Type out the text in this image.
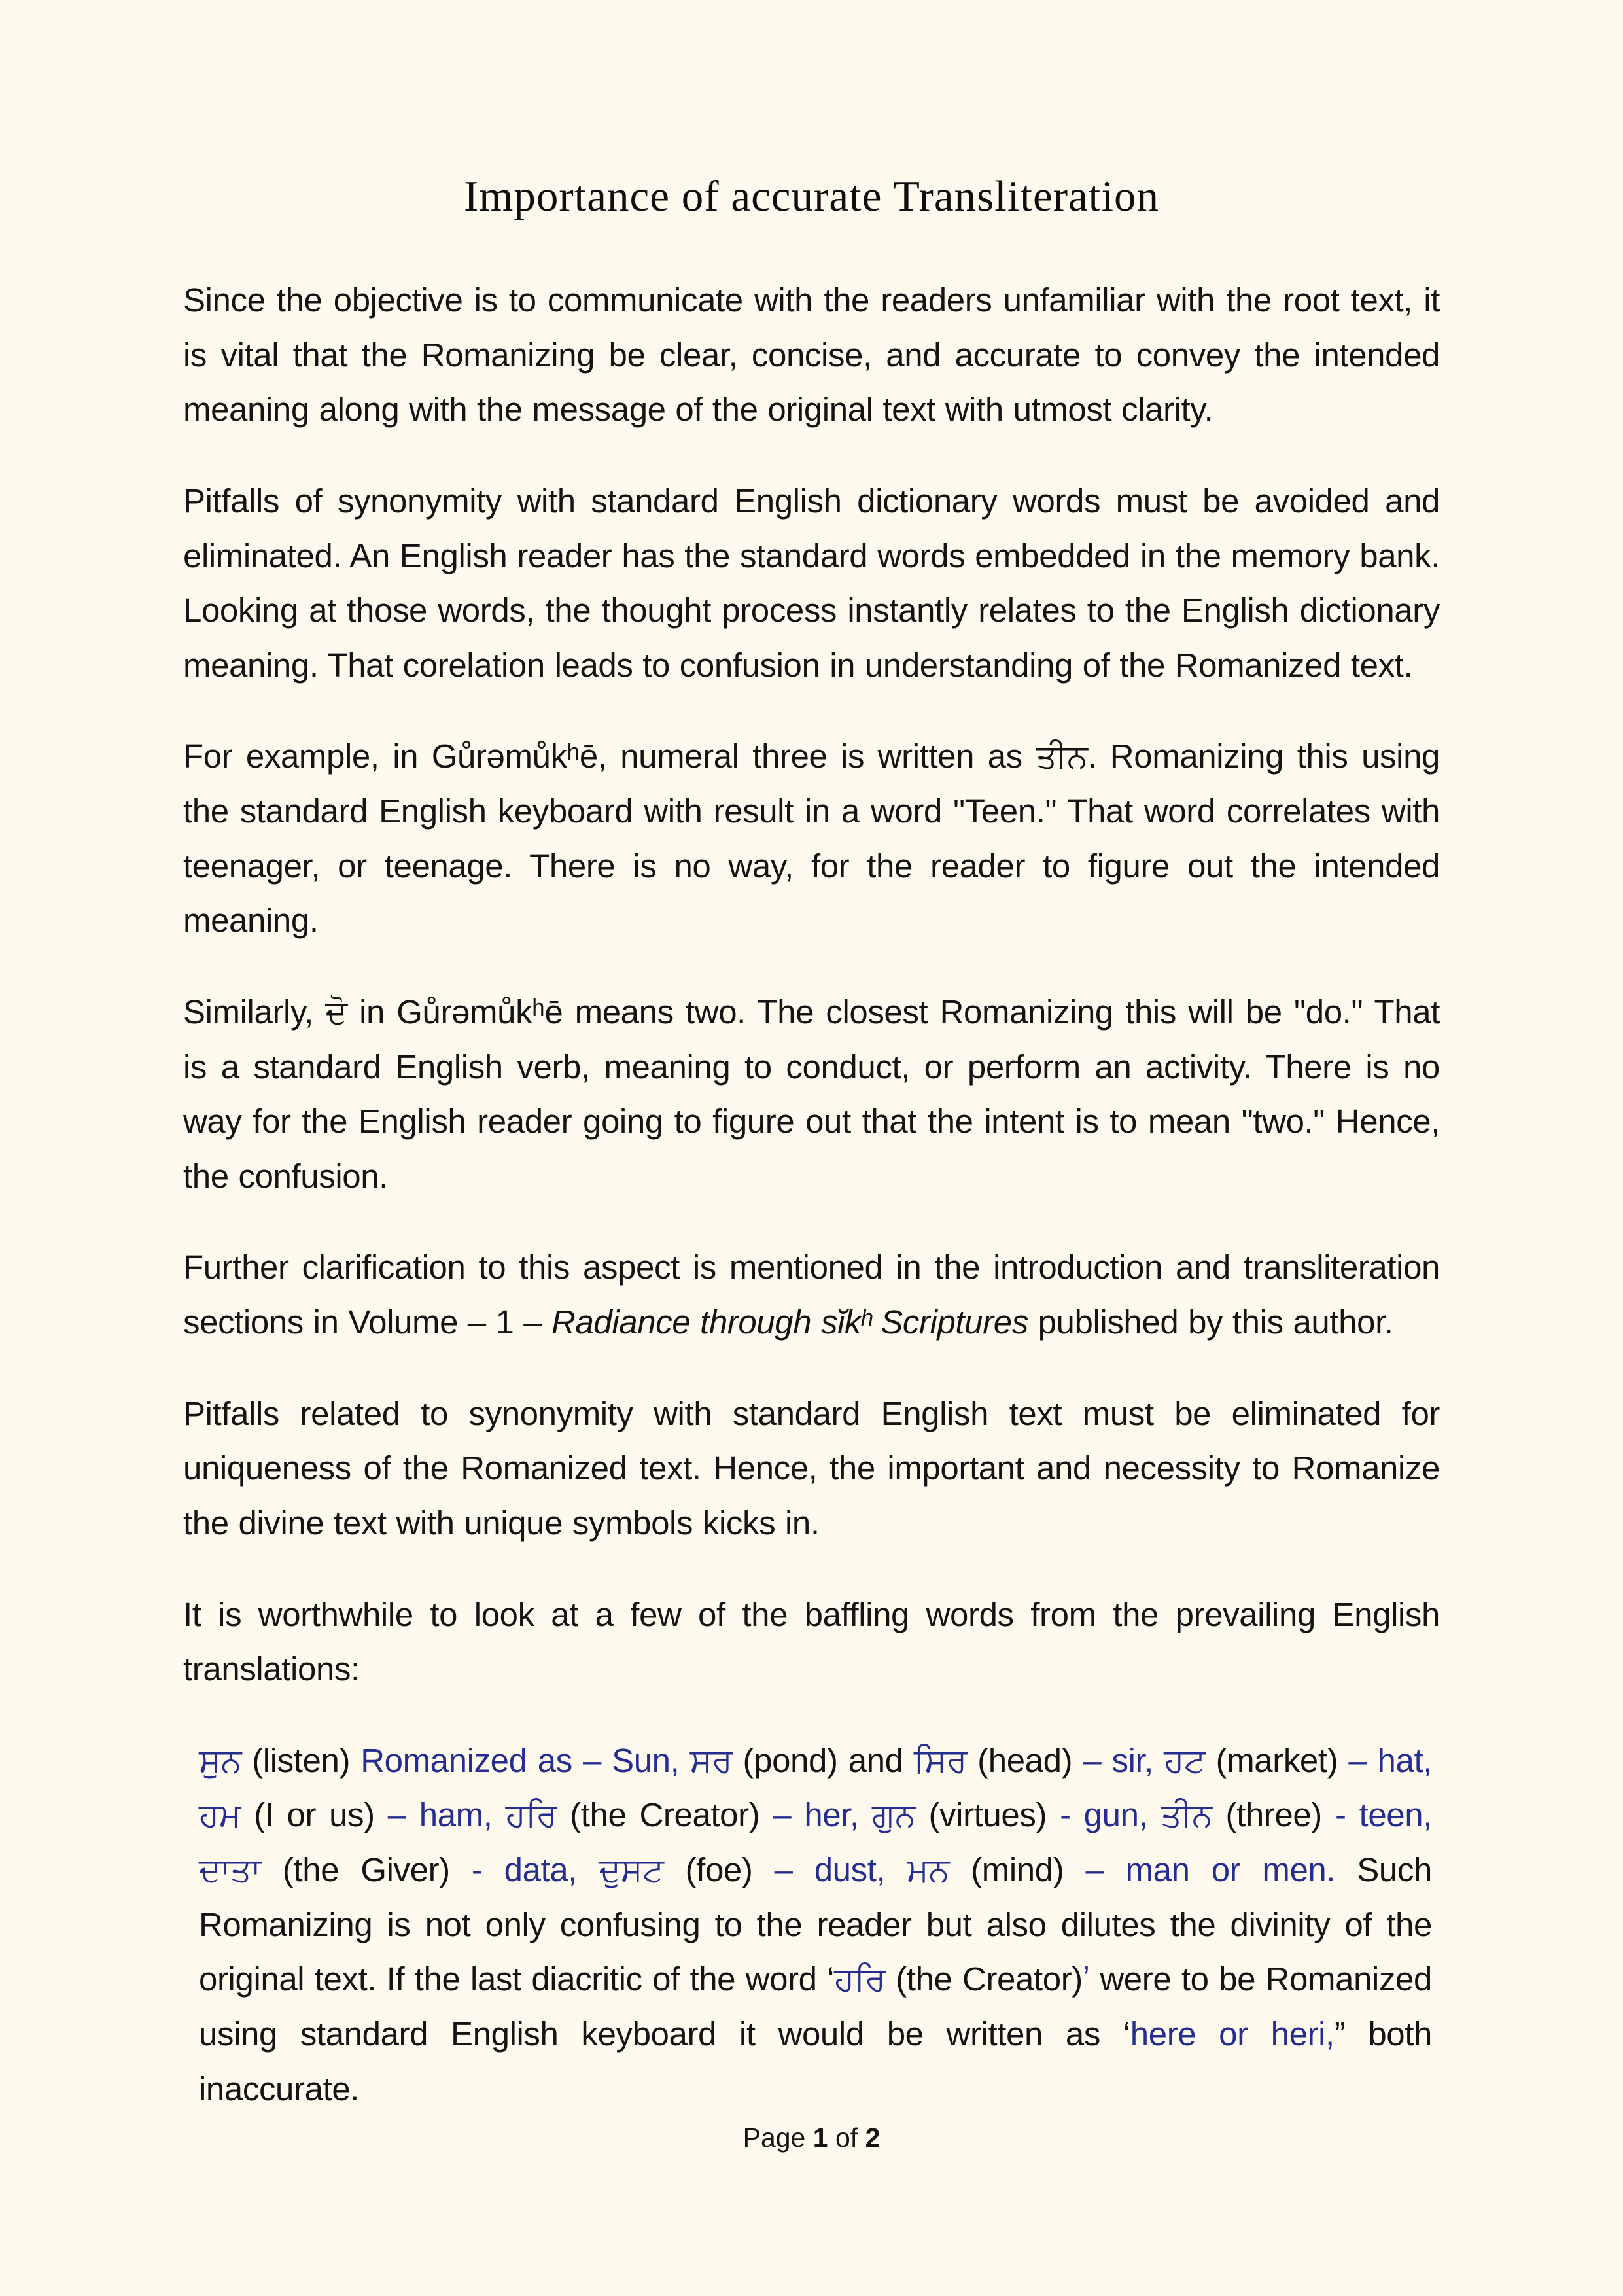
Importance of accurate Transliteration

Since the objective is to communicate with the readers unfamiliar with the root text, it is vital that the Romanizing be clear, concise, and accurate to convey the intended meaning along with the message of the original text with utmost clarity.

Pitfalls of synonymity with standard English dictionary words must be avoided and eliminated. An English reader has the standard words embedded in the memory bank. Looking at those words, the thought process instantly relates to the English dictionary meaning. That corelation leads to confusion in understanding of the Romanized text.

For example, in Gůrəmůkʰē, numeral three is written as ਤੀਨ. Romanizing this using the standard English keyboard with result in a word "Teen." That word correlates with teenager, or teenage. There is no way, for the reader to figure out the intended meaning.

Similarly, ਦੋ in Gůrəmůkʰē means two. The closest Romanizing this will be "do." That is a standard English verb, meaning to conduct, or perform an activity. There is no way for the English reader going to figure out that the intent is to mean "two." Hence, the confusion.

Further clarification to this aspect is mentioned in the introduction and transliteration sections in Volume – 1 – Radiance through sĭkʰ Scriptures published by this author.

Pitfalls related to synonymity with standard English text must be eliminated for uniqueness of the Romanized text. Hence, the important and necessity to Romanize the divine text with unique symbols kicks in.

It is worthwhile to look at a few of the baffling words from the prevailing English translations:

ਸੁਨ (listen) Romanized as – Sun, ਸਰ (pond) and ਸਿਰ (head) – sir, ਹਟ (market) – hat, ਹਮ (I or us) – ham, ਹਰਿ (the Creator) – her, ਗੁਨ (virtues) - gun, ਤੀਨ (three) - teen, ਦਾਤਾ (the Giver) - data, ਦੁਸਟ (foe) – dust, ਮਨ (mind) – man or men. Such Romanizing is not only confusing to the reader but also dilutes the divinity of the original text. If the last diacritic of the word ‘ਹਰਿ (the Creator)ʼ were to be Romanized using standard English keyboard it would be written as ‘here or heri,” both inaccurate.

Page 1 of 2
